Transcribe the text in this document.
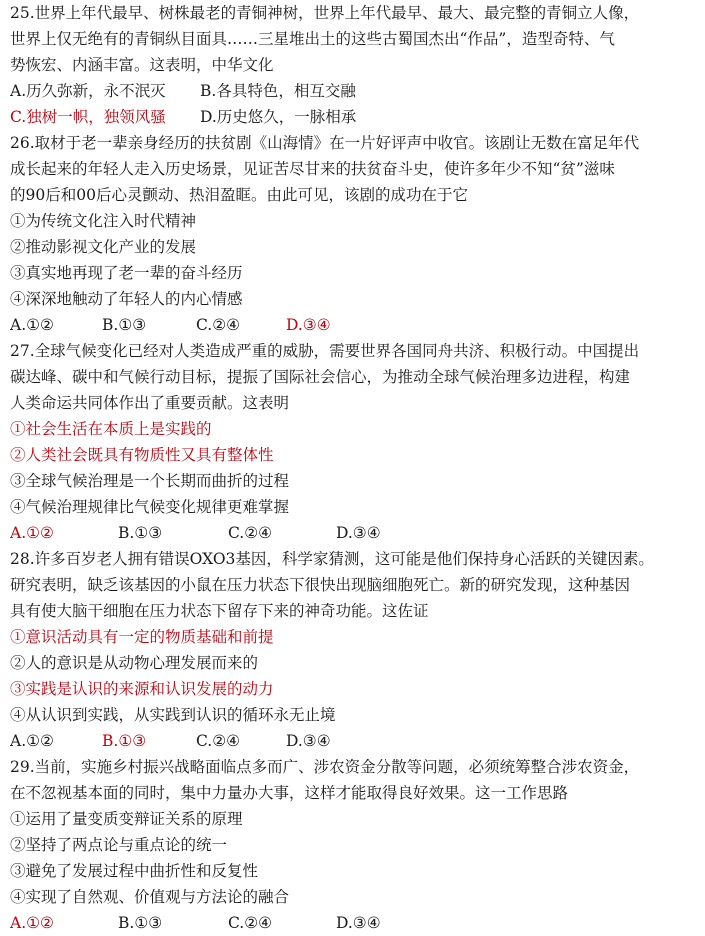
25.世界上年代最早、树株最老的青铜神树，世界上年代最早、最大、最完整的青铜立人像，
世界上仅无绝有的青铜纵目面具……三星堆出土的这些古蜀国杰出“作品”，造型奇特、气
势恢宏、内涵丰富。这表明，中华文化
A.历久弥新，永不泯灭 B.各具特色，相互交融
C.独树一帜，独领风骚 D.历史悠久，一脉相承
26.取材于老一辈亲身经历的扶贫剧《山海情》在一片好评声中收官。该剧让无数在富足年代
成长起来的年轻人走入历史场景，见证苦尽甘来的扶贫奋斗史，使许多年少不知“贫”滋味
的90后和00后心灵颤动、热泪盈眶。由此可见，该剧的成功在于它
①为传统文化注入时代精神
②推动影视文化产业的发展
③真实地再现了老一辈的奋斗经历
④深深地触动了年轻人的内心情感
A.①②	B.①③	C.②④	D.③④
27.全球气候变化已经对人类造成严重的威胁，需要世界各国同舟共济、积极行动。中国提出
碳达峰、碳中和气候行动目标，提振了国际社会信心，为推动全球气候治理多边进程，构建
人类命运共同体作出了重要贡献。这表明
①社会生活在本质上是实践的
②人类社会既具有物质性又具有整体性
③全球气候治理是一个长期而曲折的过程
④气候治理规律比气候变化规律更难掌握
A.①②	B.①③	C.②④	D.③④
28.许多百岁老人拥有错误OXO3基因，科学家猜测，这可能是他们保持身心活跃的关键因素。
研究表明，缺乏该基因的小鼠在压力状态下很快出现脑细胞死亡。新的研究发现，这种基因
具有使大脑干细胞在压力状态下留存下来的神奇功能。这佐证
①意识活动具有一定的物质基础和前提
②人的意识是从动物心理发展而来的
③实践是认识的来源和认识发展的动力
④从认识到实践，从实践到认识的循环永无止境
A.①②	B.①③	C.②④	D.③④
29.当前，实施乡村振兴战略面临点多而广、涉农资金分散等问题，必须统筹整合涉农资金，
在不忽视基本面的同时，集中力量办大事，这样才能取得良好效果。这一工作思路
①运用了量变质变辩证关系的原理
②坚持了两点论与重点论的统一
③避免了发展过程中曲折性和反复性
④实现了自然观、价值观与方法论的融合
A.①②	B.①③	C.②④	D.③④
